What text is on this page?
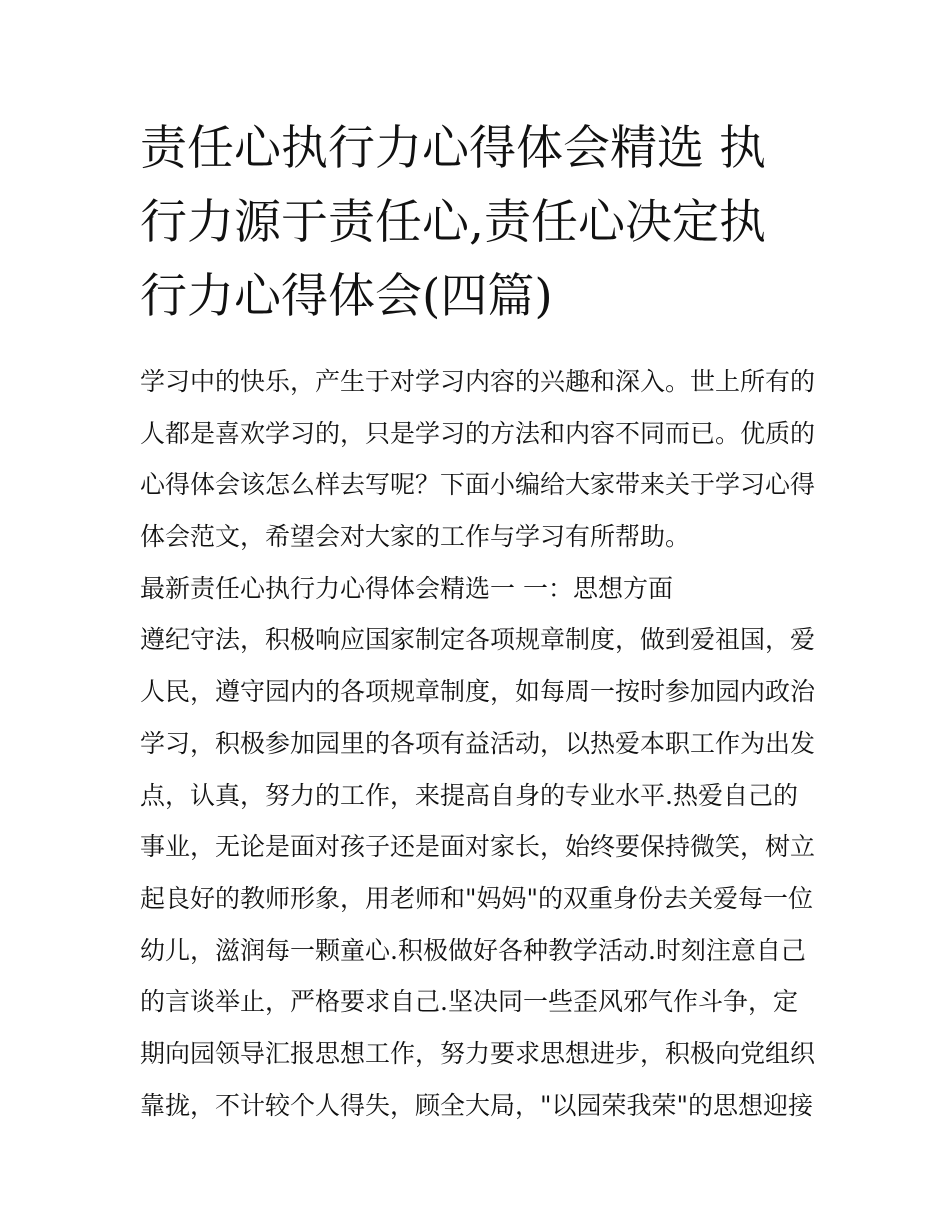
责任心执行力心得体会精选 执
行力源于责任心,责任心决定执
行力心得体会(四篇)
学习中的快乐，产生于对学习内容的兴趣和深入。世上所有的
人都是喜欢学习的，只是学习的方法和内容不同而已。优质的
心得体会该怎么样去写呢？下面小编给大家带来关于学习心得
体会范文，希望会对大家的工作与学习有所帮助。
最新责任心执行力心得体会精选一 一：思想方面
遵纪守法，积极响应国家制定各项规章制度，做到爱祖国，爱
人民，遵守园内的各项规章制度，如每周一按时参加园内政治
学习，积极参加园里的各项有益活动，以热爱本职工作为出发
点，认真，努力的工作，来提高自身的专业水平.热爱自己的
事业，无论是面对孩子还是面对家长，始终要保持微笑，树立
起良好的教师形象，用老师和"妈妈"的双重身份去关爱每一位
幼儿，滋润每一颗童心.积极做好各种教学活动.时刻注意自己
的言谈举止，严格要求自己.坚决同一些歪风邪气作斗争，定
期向园领导汇报思想工作，努力要求思想进步，积极向党组织
靠拢，不计较个人得失，顾全大局，"以园荣我荣"的思想迎接
